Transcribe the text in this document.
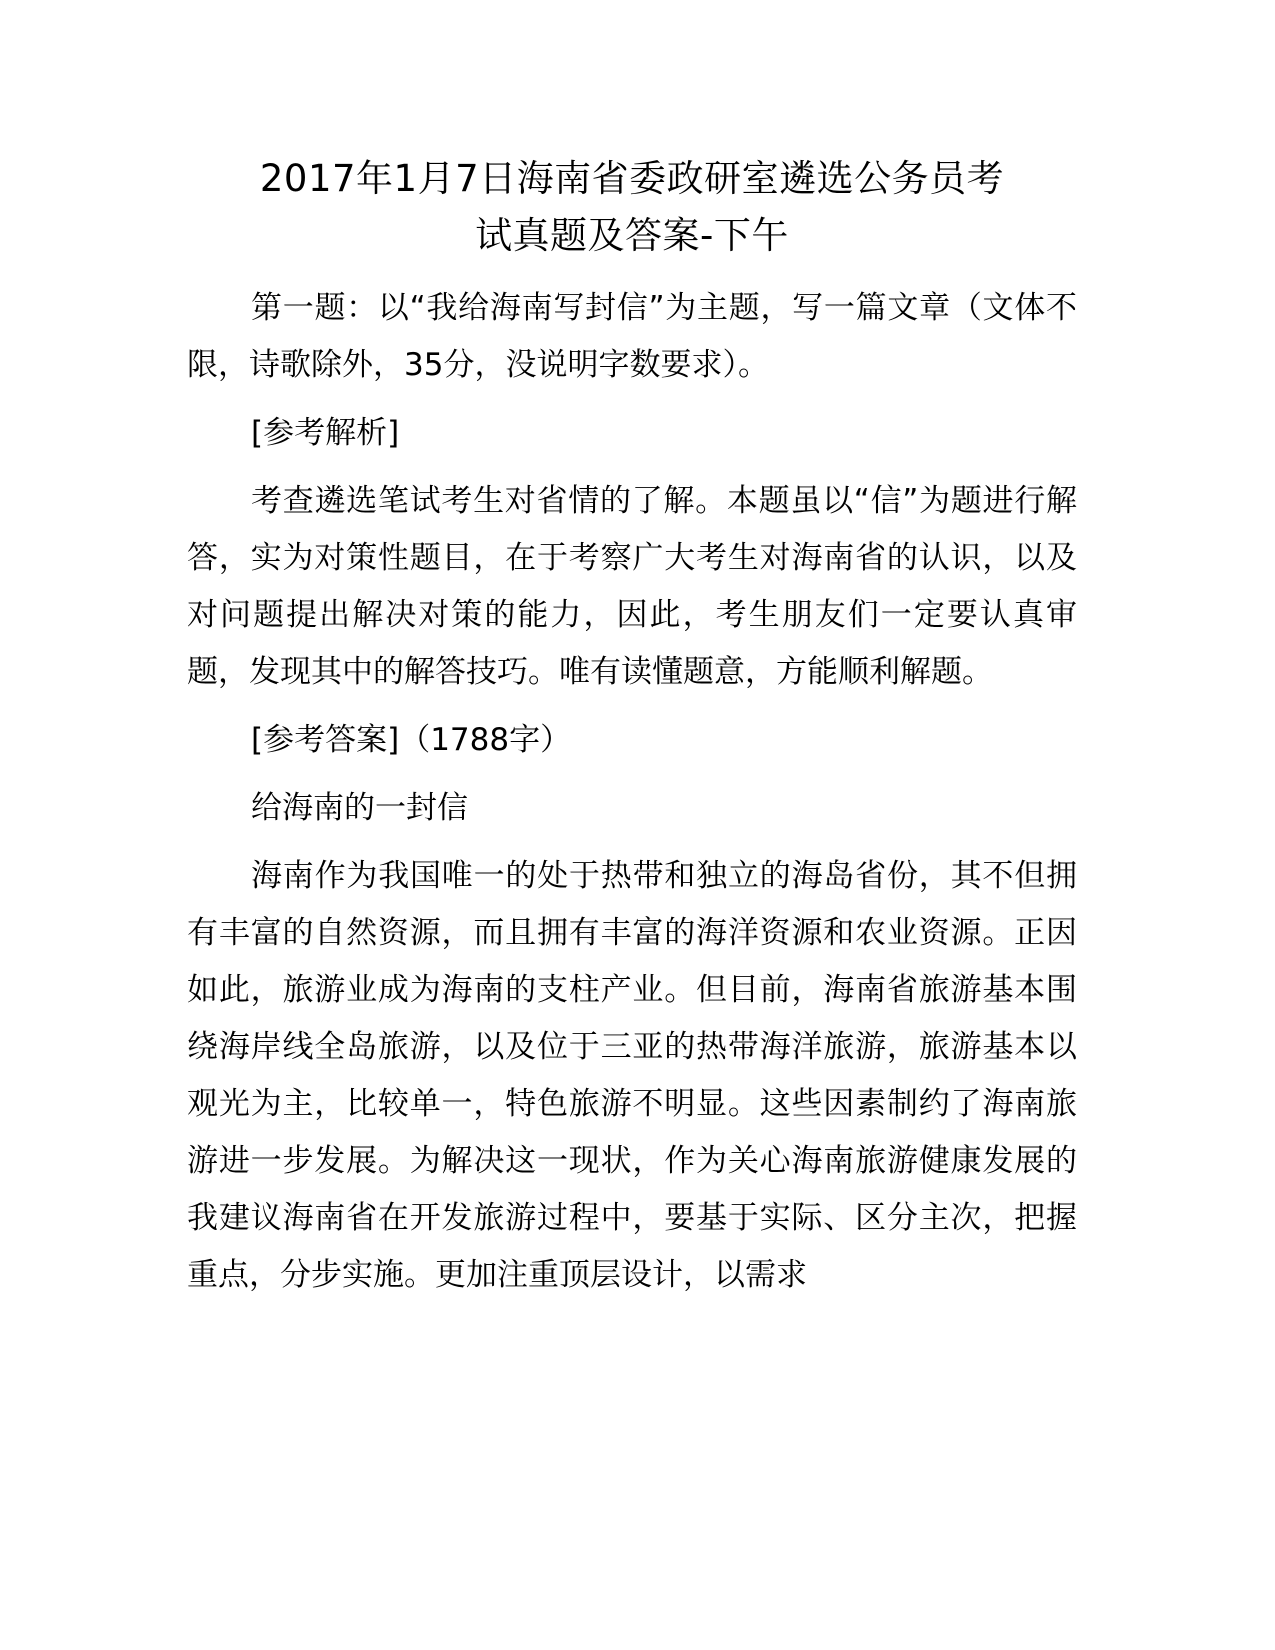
2017年1月7日海南省委政研室遴选公务员考
试真题及答案-下午

第一题：以“我给海南写封信”为主题，写一篇文章（文体不限，诗歌除外，35分，没说明字数要求）。

[参考解析]

考查遴选笔试考生对省情的了解。本题虽以“信”为题进行解答，实为对策性题目，在于考察广大考生对海南省的认识，以及对问题提出解决对策的能力，因此，考生朋友们一定要认真审题，发现其中的解答技巧。唯有读懂题意，方能顺利解题。

[参考答案]（1788字）

给海南的一封信

海南作为我国唯一的处于热带和独立的海岛省份，其不但拥有丰富的自然资源，而且拥有丰富的海洋资源和农业资源。正因如此，旅游业成为海南的支柱产业。但目前，海南省旅游基本围绕海岸线全岛旅游，以及位于三亚的热带海洋旅游，旅游基本以观光为主，比较单一，特色旅游不明显。这些因素制约了海南旅游进一步发展。为解决这一现状，作为关心海南旅游健康发展的我建议海南省在开发旅游过程中，要基于实际、区分主次，把握重点，分步实施。更加注重顶层设计，以需求
